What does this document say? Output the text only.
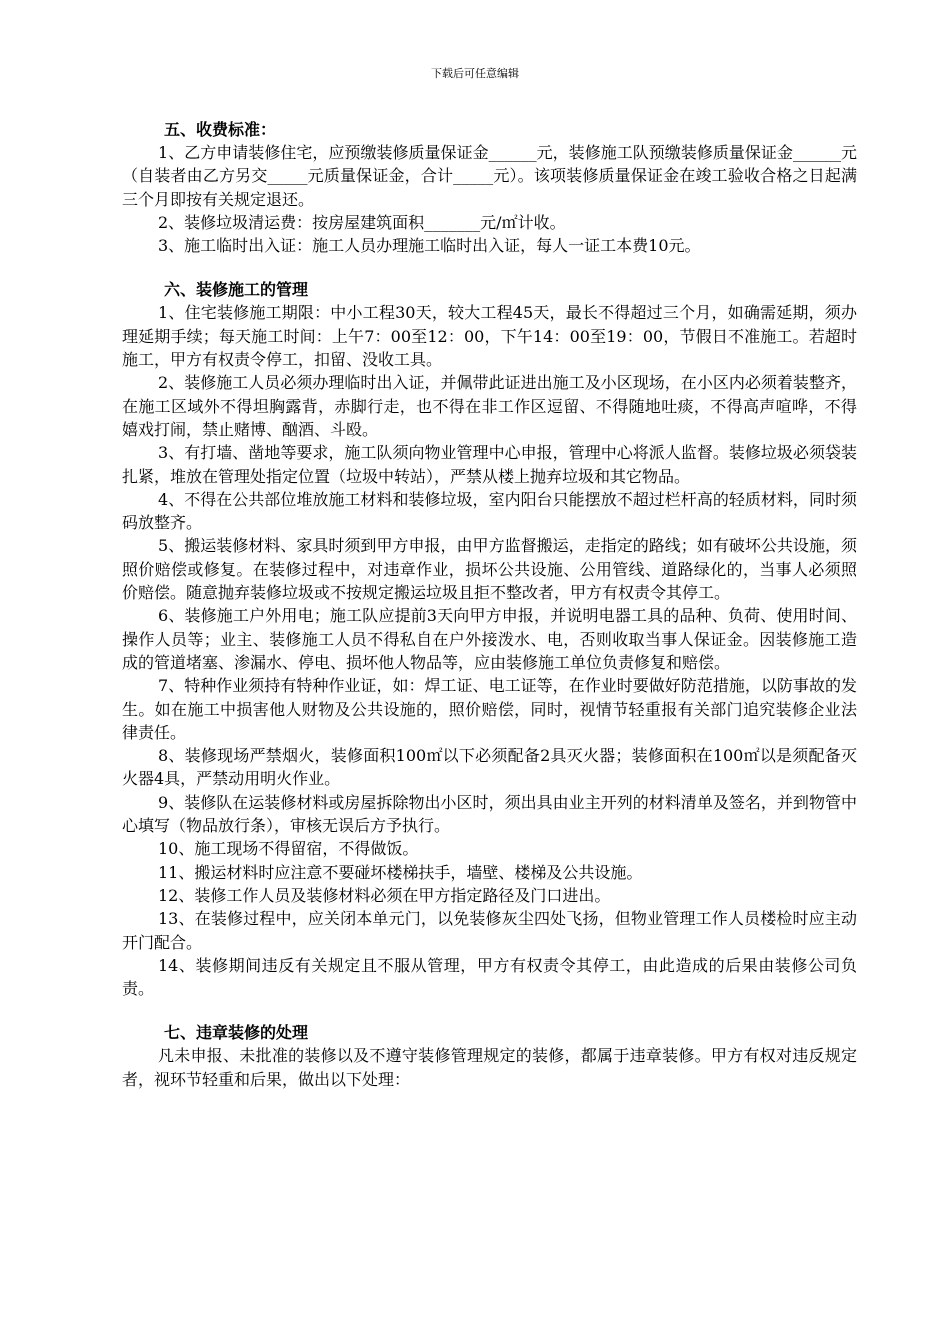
下载后可任意编辑

五、收费标准：

1、乙方申请装修住宅，应预缴装修质量保证金______元，装修施工队预缴装修质量保证金______元（自装者由乙方另交_____元质量保证金，合计_____元）。该项装修质量保证金在竣工验收合格之日起满三个月即按有关规定退还。

2、装修垃圾清运费：按房屋建筑面积_______元/㎡计收。

3、施工临时出入证：施工人员办理施工临时出入证，每人一证工本费10元。

六、装修施工的管理

1、住宅装修施工期限：中小工程30天，较大工程45天，最长不得超过三个月，如确需延期，须办理延期手续；每天施工时间：上午7：00至12：00，下午14：00至19：00，节假日不准施工。若超时施工，甲方有权责令停工，扣留、没收工具。

2、装修施工人员必须办理临时出入证，并佩带此证进出施工及小区现场，在小区内必须着装整齐，在施工区域外不得坦胸露背，赤脚行走，也不得在非工作区逗留、不得随地吐痰，不得高声喧哗，不得嬉戏打闹，禁止赌博、酗酒、斗殴。

3、有打墙、凿地等要求，施工队须向物业管理中心申报，管理中心将派人监督。装修垃圾必须袋装扎紧，堆放在管理处指定位置（垃圾中转站），严禁从楼上抛弃垃圾和其它物品。

4、不得在公共部位堆放施工材料和装修垃圾，室内阳台只能摆放不超过栏杆高的轻质材料，同时须码放整齐。

5、搬运装修材料、家具时须到甲方申报，由甲方监督搬运，走指定的路线；如有破坏公共设施，须照价赔偿或修复。在装修过程中，对违章作业，损坏公共设施、公用管线、道路绿化的，当事人必须照价赔偿。随意抛弃装修垃圾或不按规定搬运垃圾且拒不整改者，甲方有权责令其停工。

6、装修施工户外用电；施工队应提前3天向甲方申报，并说明电器工具的品种、负荷、使用时间、操作人员等；业主、装修施工人员不得私自在户外接泼水、电，否则收取当事人保证金。因装修施工造成的管道堵塞、渗漏水、停电、损坏他人物品等，应由装修施工单位负责修复和赔偿。

7、特种作业须持有特种作业证，如：焊工证、电工证等，在作业时要做好防范措施，以防事故的发生。如在施工中损害他人财物及公共设施的，照价赔偿，同时，视情节轻重报有关部门追究装修企业法律责任。

8、装修现场严禁烟火，装修面积100㎡以下必须配备2具灭火器；装修面积在100㎡以是须配备灭火器4具，严禁动用明火作业。

9、装修队在运装修材料或房屋拆除物出小区时，须出具由业主开列的材料清单及签名，并到物管中心填写（物品放行条），审核无误后方予执行。

10、施工现场不得留宿，不得做饭。

11、搬运材料时应注意不要碰坏楼梯扶手，墙壁、楼梯及公共设施。

12、装修工作人员及装修材料必须在甲方指定路径及门口进出。

13、在装修过程中，应关闭本单元门，以免装修灰尘四处飞扬，但物业管理工作人员楼检时应主动开门配合。

14、装修期间违反有关规定且不服从管理，甲方有权责令其停工，由此造成的后果由装修公司负责。

七、违章装修的处理

凡未申报、未批准的装修以及不遵守装修管理规定的装修，都属于违章装修。甲方有权对违反规定者，视环节轻重和后果，做出以下处理：
